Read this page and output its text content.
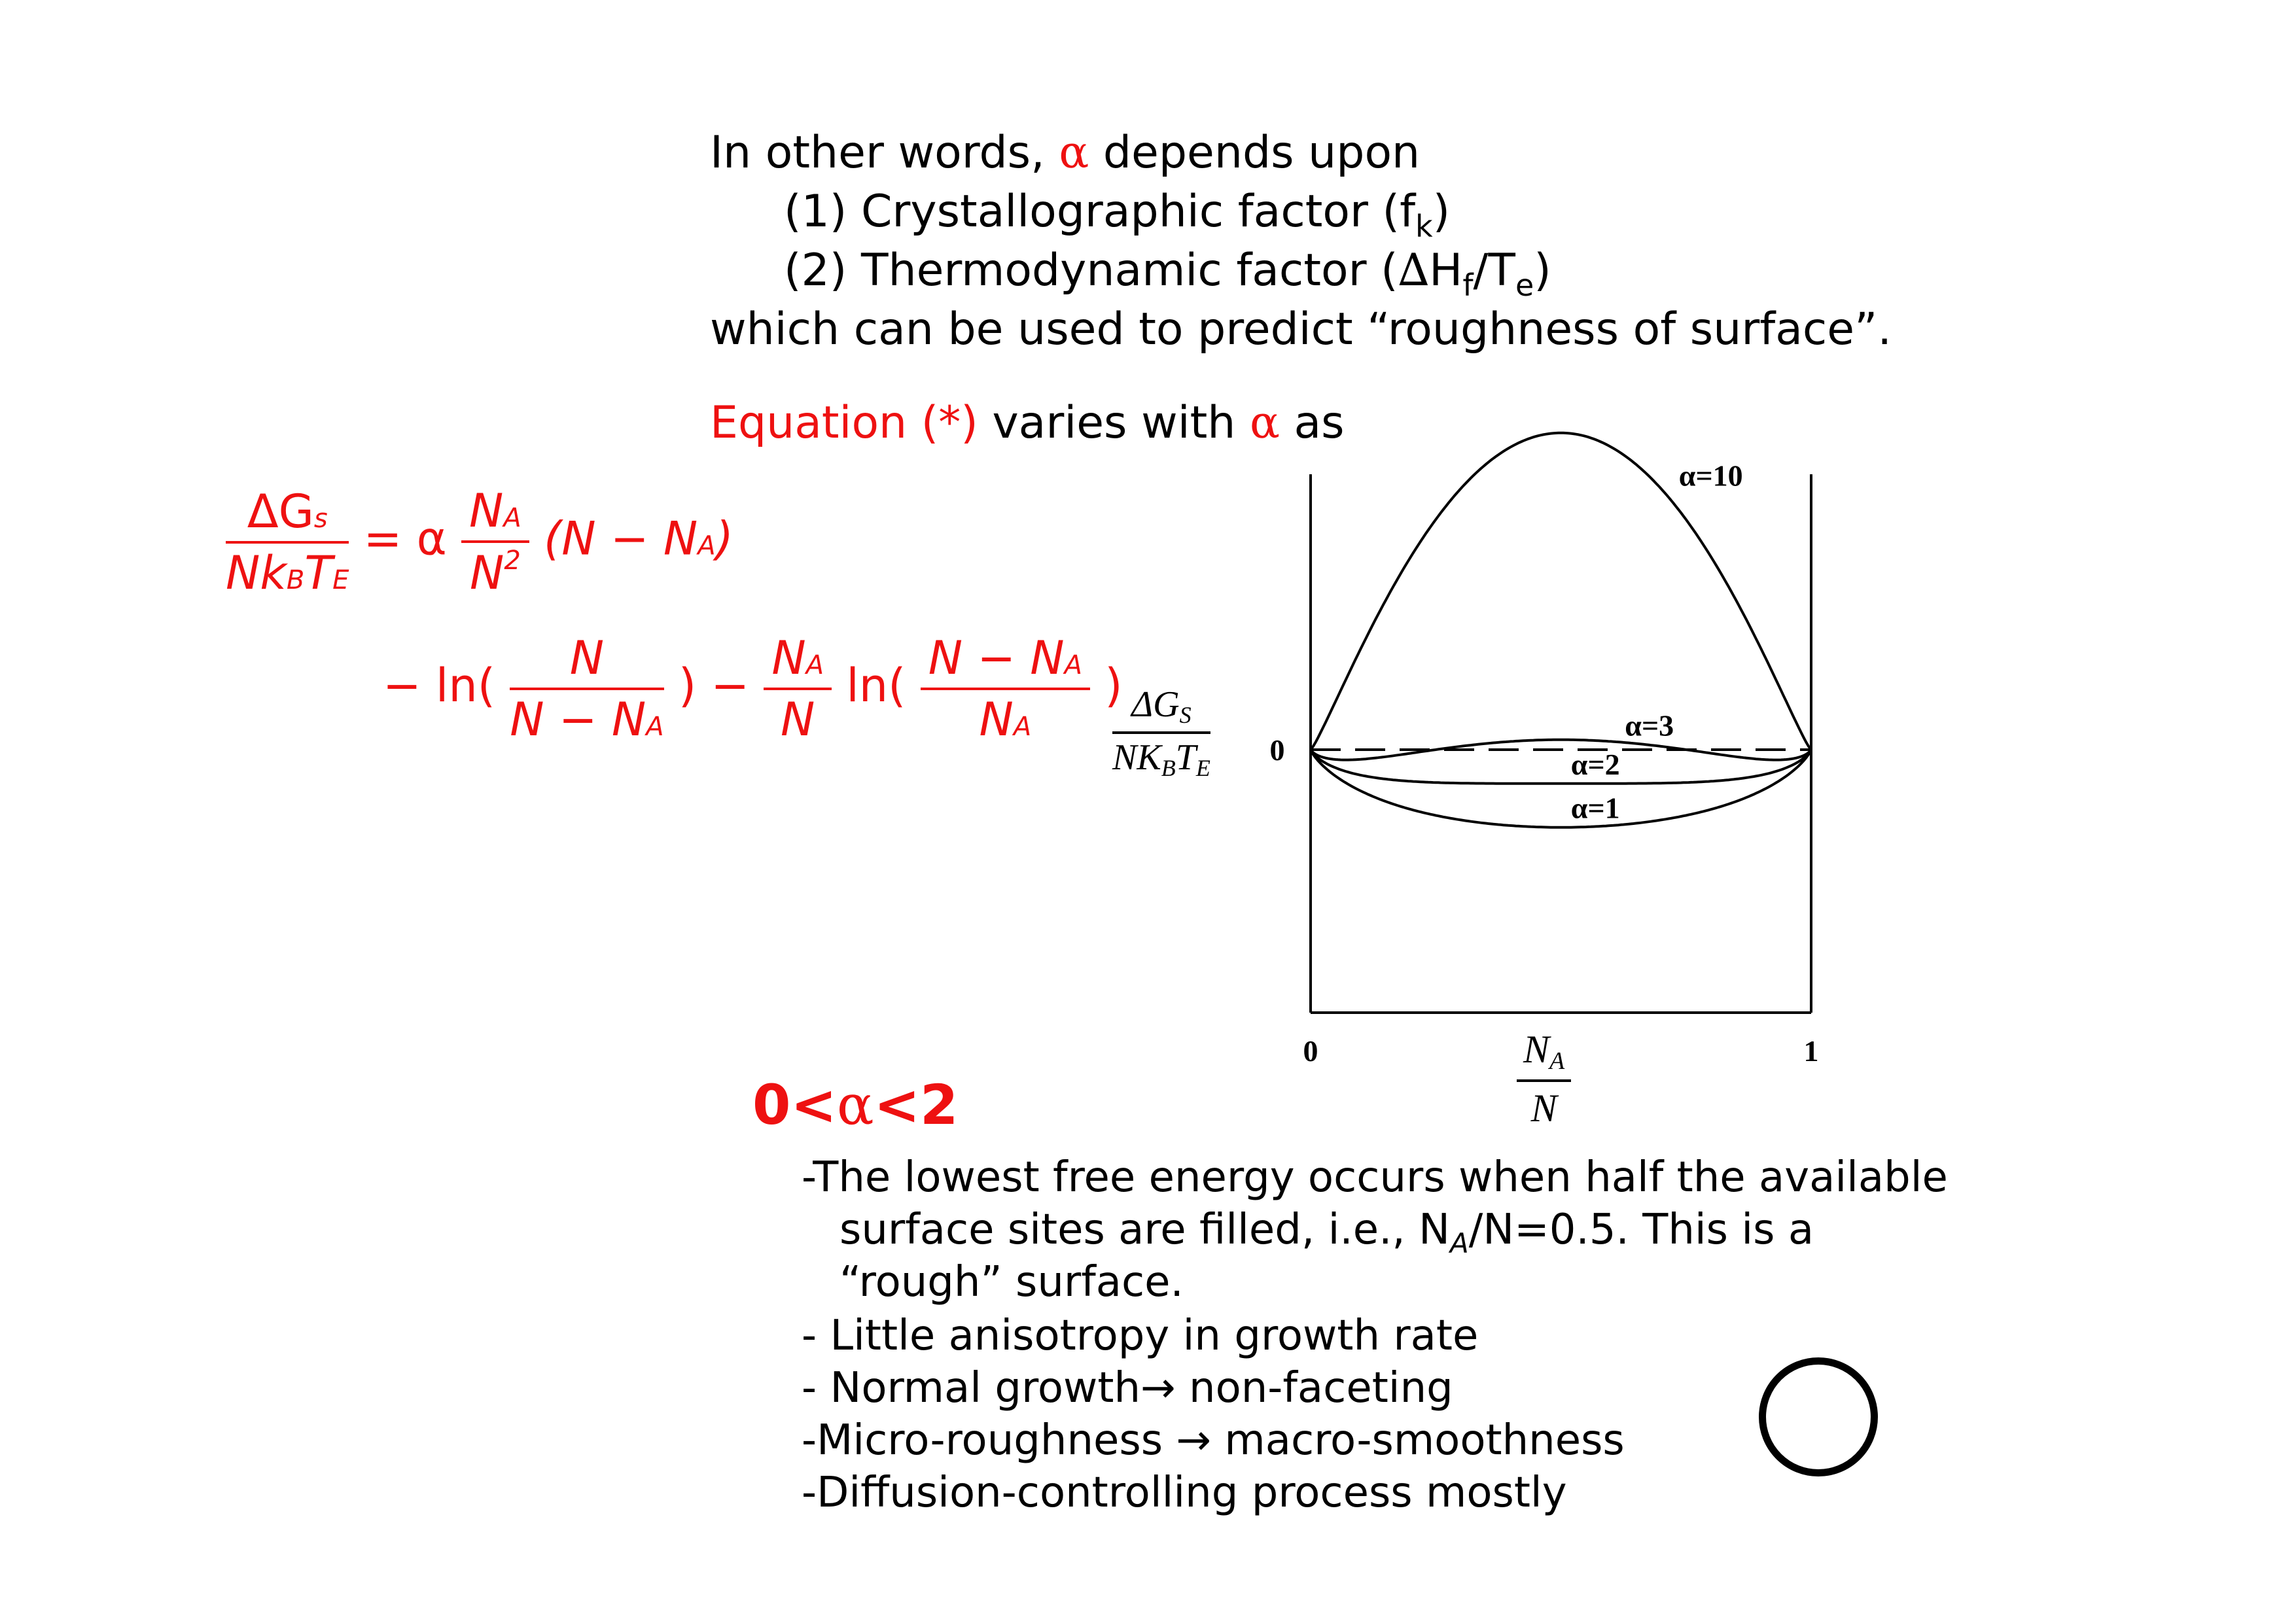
In other words, α depends upon
(1) Crystallographic factor $(f_k)$
(2) Thermodynamic factor $(\Delta H_f/T_e)$
which can be used to predict “roughness of surface”.
Equation (*) varies with α as
$\frac{\text{ΔGs}}{\text{NkBTE}} = \alpha \frac{NA}{N^2} (N - NA)$
− $\ln( \frac{N}{N - NA}$ ) − $\frac{NA}{N} \ln( \frac{N - NA}{NA}$ )
α=10
α=3
α=2
α=1
0	1
0
ΔGS
NKBTE
NA
N
0<α<2
-The lowest free energy occurs when half the available
surface sites are filled, i.e., $N_A/N=0.5$. This is a
“rough” surface.
- Little anisotropy in growth rate
- Normal growth→ non-faceting
-Micro-roughness → macro-smoothness
-Diffusion-controlling process mostly
